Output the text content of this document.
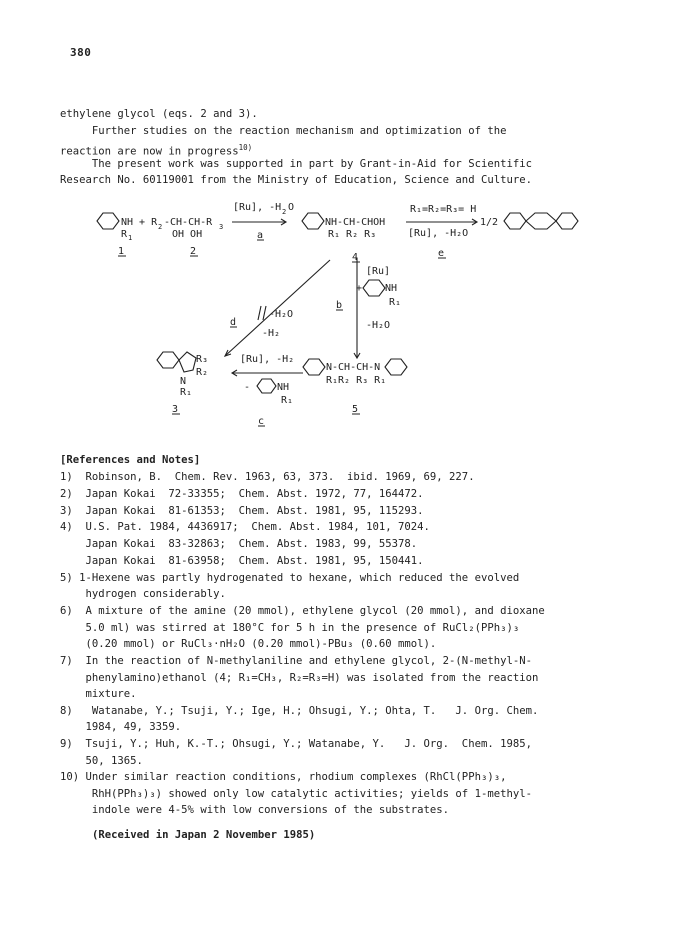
380
ethylene glycol (eqs. 2 and 3).
Further studies on the reaction mechanism and optimization of the
reaction are now in progress$^{10)}$
The present work was supported in part by Grant-in-Aid for Scientific
Research No. 60119001 from the Ministry of Education, Science and Culture.
NH + R 2 -CH-CH-R 3
OH OH
R 1
1	2
[Ru], -H 2 O
a
NH-CH-CHOH
R₁ R₂ R₃
4
R₁=R₂=R₃= H
[Ru], -H₂O
e
1/2
[Ru]
+ NH
R₁
-H₂O
b
d
-H₂O
-H₂
R₃
R₂
N
R₁
3
[Ru], -H₂
-	NH
R₁
c
N-CH-CH-N
R₁R₂ R₃ R₁
5
[References and Notes]
1)  Robinson, B.  Chem. Rev. 1963, 63, 373.  ibid. 1969, 69, 227.
2)  Japan Kokai  72-33355;  Chem. Abst. 1972, 77, 164472.
3)  Japan Kokai  81-61353;  Chem. Abst. 1981, 95, 115293.
4)  U.S. Pat. 1984, 4436917;  Chem. Abst. 1984, 101, 7024.
Japan Kokai  83-32863;  Chem. Abst. 1983, 99, 55378.
Japan Kokai  81-63958;  Chem. Abst. 1981, 95, 150441.
5) 1-Hexene was partly hydrogenated to hexane, which reduced the evolved
hydrogen considerably.
6)  A mixture of the amine (20 mmol), ethylene glycol (20 mmol), and dioxane
5.0 ml) was stirred at 180°C for 5 h in the presence of RuCl₂(PPh₃)₃
(0.20 mmol) or RuCl₃·nH₂O (0.20 mmol)-PBu₃ (0.60 mmol).
7)  In the reaction of N-methylaniline and ethylene glycol, 2-(N-methyl-N-
phenylamino)ethanol (4; R₁=CH₃, R₂=R₃=H) was isolated from the reaction
mixture.
8)   Watanabe, Y.; Tsuji, Y.; Ige, H.; Ohsugi, Y.; Ohta, T.   J. Org. Chem.
1984, 49, 3359.
9)  Tsuji, Y.; Huh, K.-T.; Ohsugi, Y.; Watanabe, Y.   J. Org.  Chem. 1985,
50, 1365.
10) Under similar reaction conditions, rhodium complexes (RhCl(PPh₃)₃,
RhH(PPh₃)₃) showed only low catalytic activities; yields of 1-methyl-
indole were 4-5% with low conversions of the substrates.
(Received in Japan 2 November 1985)
